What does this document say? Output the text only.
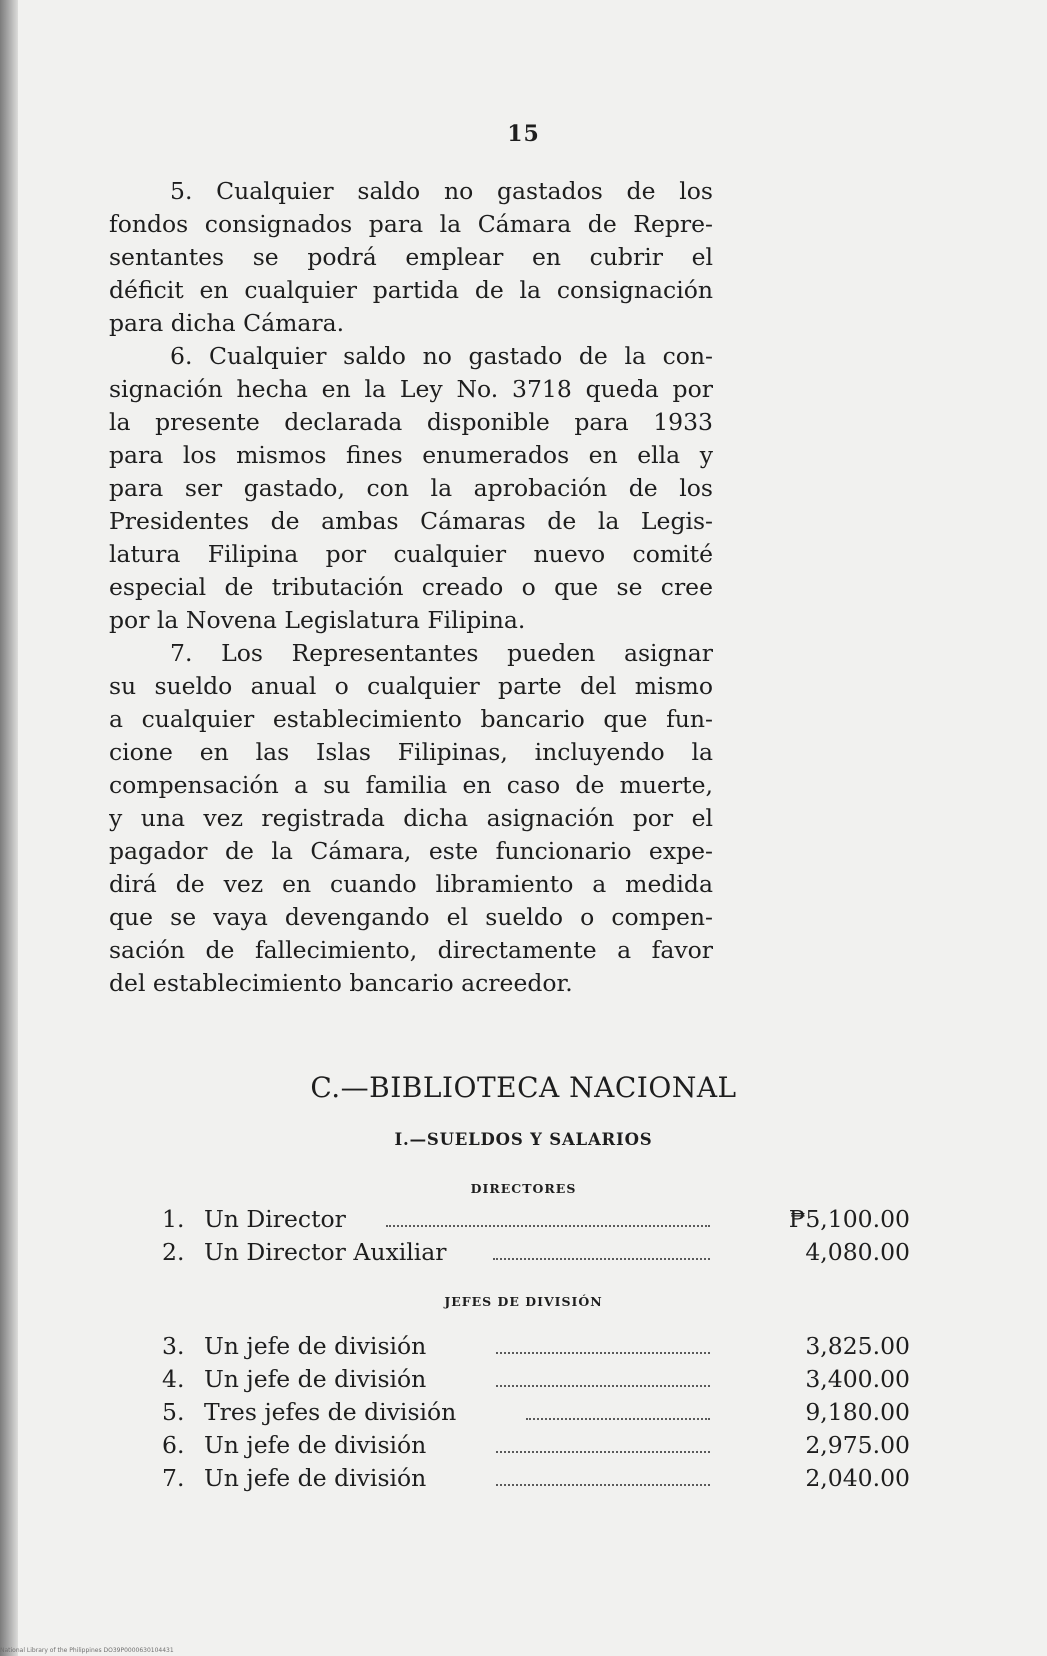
15
5. Cualquier saldo no gastados de los
fondos consignados para la Cámara de Repre-
sentantes se podrá emplear en cubrir el
déficit en cualquier partida de la consignación
para dicha Cámara.
6. Cualquier saldo no gastado de la con-
signación hecha en la Ley No. 3718 queda por
la presente declarada disponible para 1933
para los mismos fines enumerados en ella y
para ser gastado, con la aprobación de los
Presidentes de ambas Cámaras de la Legis-
latura Filipina por cualquier nuevo comité
especial de tributación creado o que se cree
por la Novena Legislatura Filipina.
7. Los Representantes pueden asignar
su sueldo anual o cualquier parte del mismo
a cualquier establecimiento bancario que fun-
cione en las Islas Filipinas, incluyendo la
compensación a su familia en caso de muerte,
y una vez registrada dicha asignación por el
pagador de la Cámara, este funcionario expe-
dirá de vez en cuando libramiento a medida
que se vaya devengando el sueldo o compen-
sación de fallecimiento, directamente a favor
del establecimiento bancario acreedor.
C.—BIBLIOTECA NACIONAL
I.—SUELDOS Y SALARIOS
DIRECTORES
1. Un Director	₱5,100.00
2. Un Director Auxiliar	4,080.00
JEFES DE DIVISIÓN
3. Un jefe de división	3,825.00
4. Un jefe de división	3,400.00
5. Tres jefes de división	9,180.00
6. Un jefe de división	2,975.00
7. Un jefe de división	2,040.00
National Library of the Philippines DO39P0000630104431
